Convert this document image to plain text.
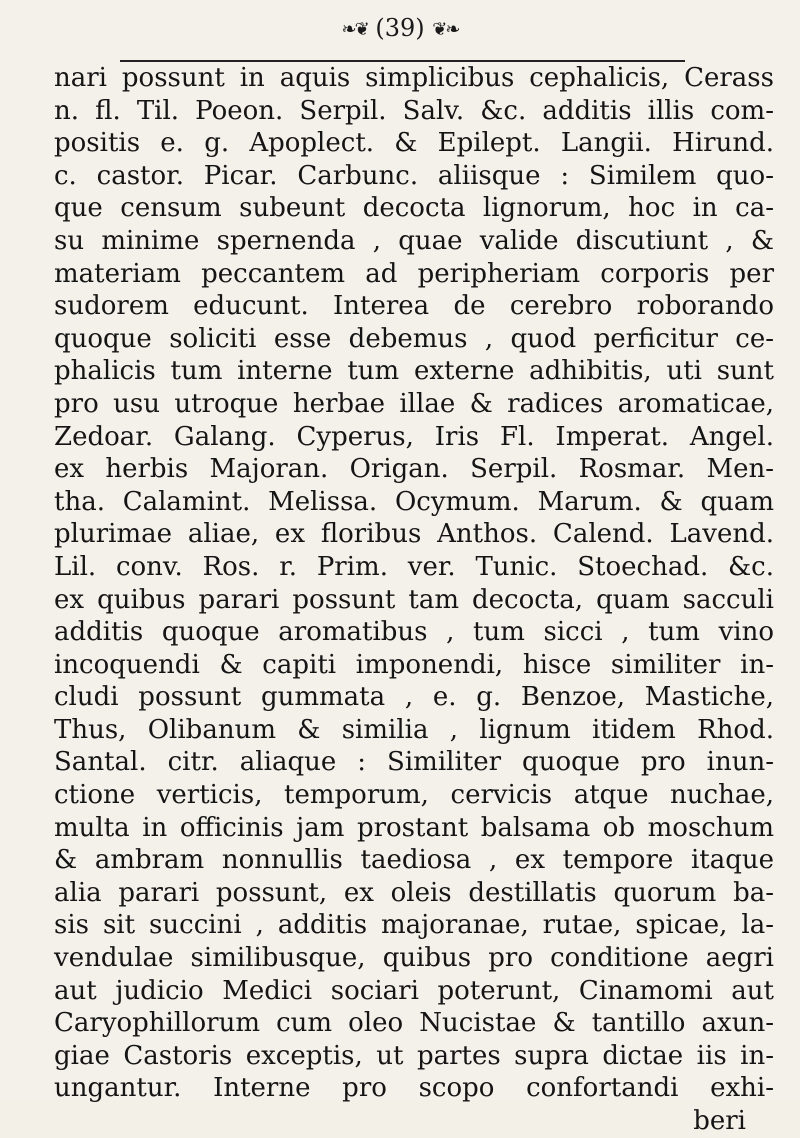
❧❦ (39) ❦❧
nari possunt in aquis simplicibus cephalicis, Cerass
n. fl. Til. Poeon. Serpil. Salv. &c. additis illis com-
positis e. g. Apoplect. & Epilept. Langii. Hirund.
c. castor. Picar. Carbunc. aliisque : Similem quo-
que censum subeunt decocta lignorum, hoc in ca-
su minime spernenda , quae valide discutiunt , &
materiam peccantem ad peripheriam corporis per
sudorem educunt. Interea de cerebro roborando
quoque soliciti esse debemus , quod perficitur ce-
phalicis tum interne tum externe adhibitis, uti sunt
pro usu utroque herbae illae & radices aromaticae,
Zedoar. Galang. Cyperus, Iris Fl. Imperat. Angel.
ex herbis Majoran. Origan. Serpil. Rosmar. Men-
tha. Calamint. Melissa. Ocymum. Marum. & quam
plurimae aliae, ex floribus Anthos. Calend. Lavend.
Lil. conv. Ros. r. Prim. ver. Tunic. Stoechad. &c.
ex quibus parari possunt tam decocta, quam sacculi
additis quoque aromatibus , tum sicci , tum vino
incoquendi & capiti imponendi, hisce similiter in-
cludi possunt gummata , e. g. Benzoe, Mastiche,
Thus, Olibanum & similia , lignum itidem Rhod.
Santal. citr. aliaque : Similiter quoque pro inun-
ctione verticis, temporum, cervicis atque nuchae,
multa in officinis jam prostant balsama ob moschum
& ambram nonnullis taediosa , ex tempore itaque
alia parari possunt, ex oleis destillatis quorum ba-
sis sit succini , additis majoranae, rutae, spicae, la-
vendulae similibusque, quibus pro conditione aegri
aut judicio Medici sociari poterunt, Cinamomi aut
Caryophillorum cum oleo Nucistae & tantillo axun-
giae Castoris exceptis, ut partes supra dictae iis in-
ungantur. Interne pro scopo confortandi exhi-
beri
